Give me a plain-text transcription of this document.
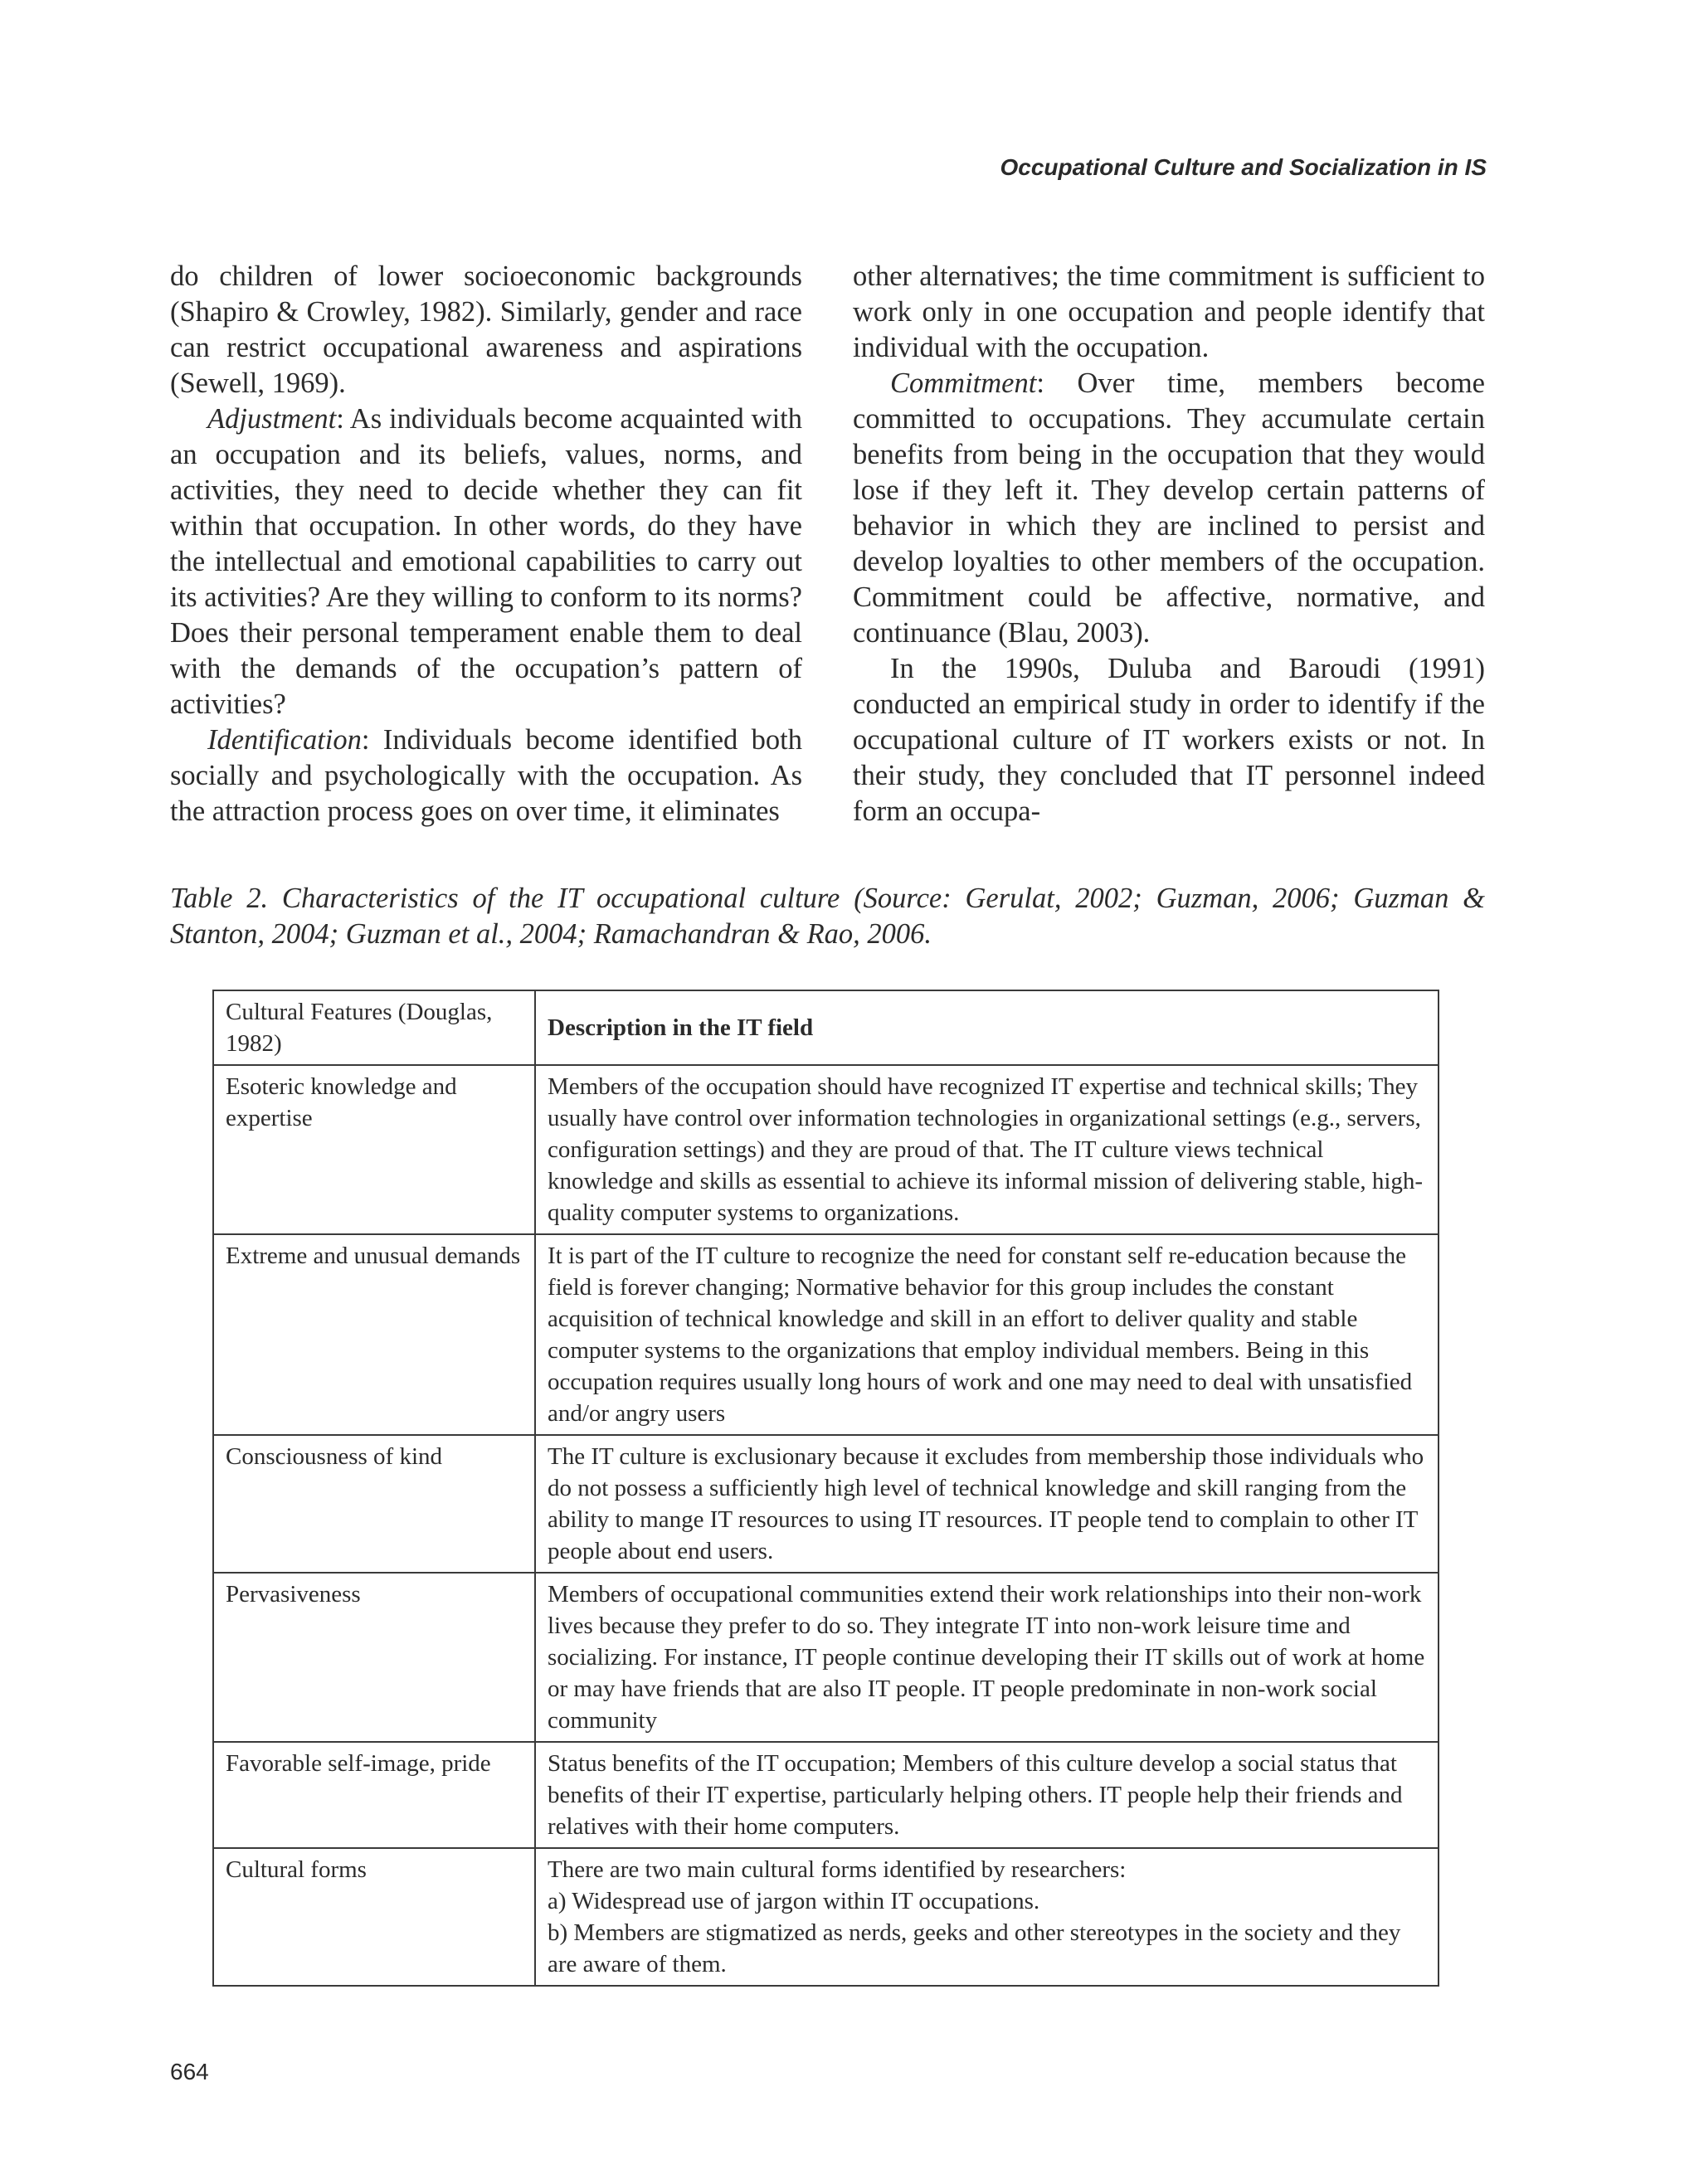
Occupational Culture and Socialization in IS

do children of lower socioeconomic backgrounds (Shapiro & Crowley, 1982). Similarly, gender and race can restrict occupational awareness and aspirations (Sewell, 1969).

Adjustment: As individuals become acquainted with an occupation and its beliefs, values, norms, and activities, they need to decide whether they can fit within that occupation. In other words, do they have the intellectual and emotional capabilities to carry out its activities? Are they willing to conform to its norms? Does their personal temperament enable them to deal with the demands of the occupation’s pattern of activities?

Identification: Individuals become identified both socially and psychologically with the occupation. As the attraction process goes on over time, it eliminates

other alternatives; the time commitment is sufficient to work only in one occupation and people identify that individual with the occupation.

Commitment: Over time, members become committed to occupations. They accumulate certain benefits from being in the occupation that they would lose if they left it. They develop certain patterns of behavior in which they are inclined to persist and develop loyalties to other members of the occupation. Commitment could be affective, normative, and continuance (Blau, 2003).

In the 1990s, Duluba and Baroudi (1991) conducted an empirical study in order to identify if the occupational culture of IT workers exists or not. In their study, they concluded that IT personnel indeed form an occupa-

Table 2. Characteristics of the IT occupational culture (Source: Gerulat, 2002; Guzman, 2006; Guzman & Stanton, 2004; Guzman et al., 2004; Ramachandran & Rao, 2006.

Cultural Features (Douglas, 1982)	Description in the IT field
Esoteric knowledge and expertise	Members of the occupation should have recognized IT expertise and technical skills; They usually have control over information technologies in organizational settings (e.g., servers, configuration settings) and they are proud of that. The IT culture views technical knowledge and skills as essential to achieve its informal mission of delivering stable, high-quality computer systems to organizations.
Extreme and unusual demands	It is part of the IT culture to recognize the need for constant self re-education because the field is forever changing; Normative behavior for this group includes the constant acquisition of technical knowledge and skill in an effort to deliver quality and stable computer systems to the organizations that employ individual members. Being in this occupation requires usually long hours of work and one may need to deal with unsatisfied and/or angry users
Consciousness of kind	The IT culture is exclusionary because it excludes from membership those individuals who do not possess a sufficiently high level of technical knowledge and skill ranging from the ability to mange IT resources to using IT resources. IT people tend to complain to other IT people about end users.
Pervasiveness	Members of occupational communities extend their work relationships into their non-work lives because they prefer to do so. They integrate IT into non-work leisure time and socializing. For instance, IT people continue developing their IT skills out of work at home or may have friends that are also IT people. IT people predominate in non-work social community
Favorable self-image, pride	Status benefits of the IT occupation; Members of this culture develop a social status that benefits of their IT expertise, particularly helping others. IT people help their friends and relatives with their home computers.
Cultural forms	There are two main cultural forms identified by researchers:
a) Widespread use of jargon within IT occupations.
b) Members are stigmatized as nerds, geeks and other stereotypes in the society and they are aware of them.
664
